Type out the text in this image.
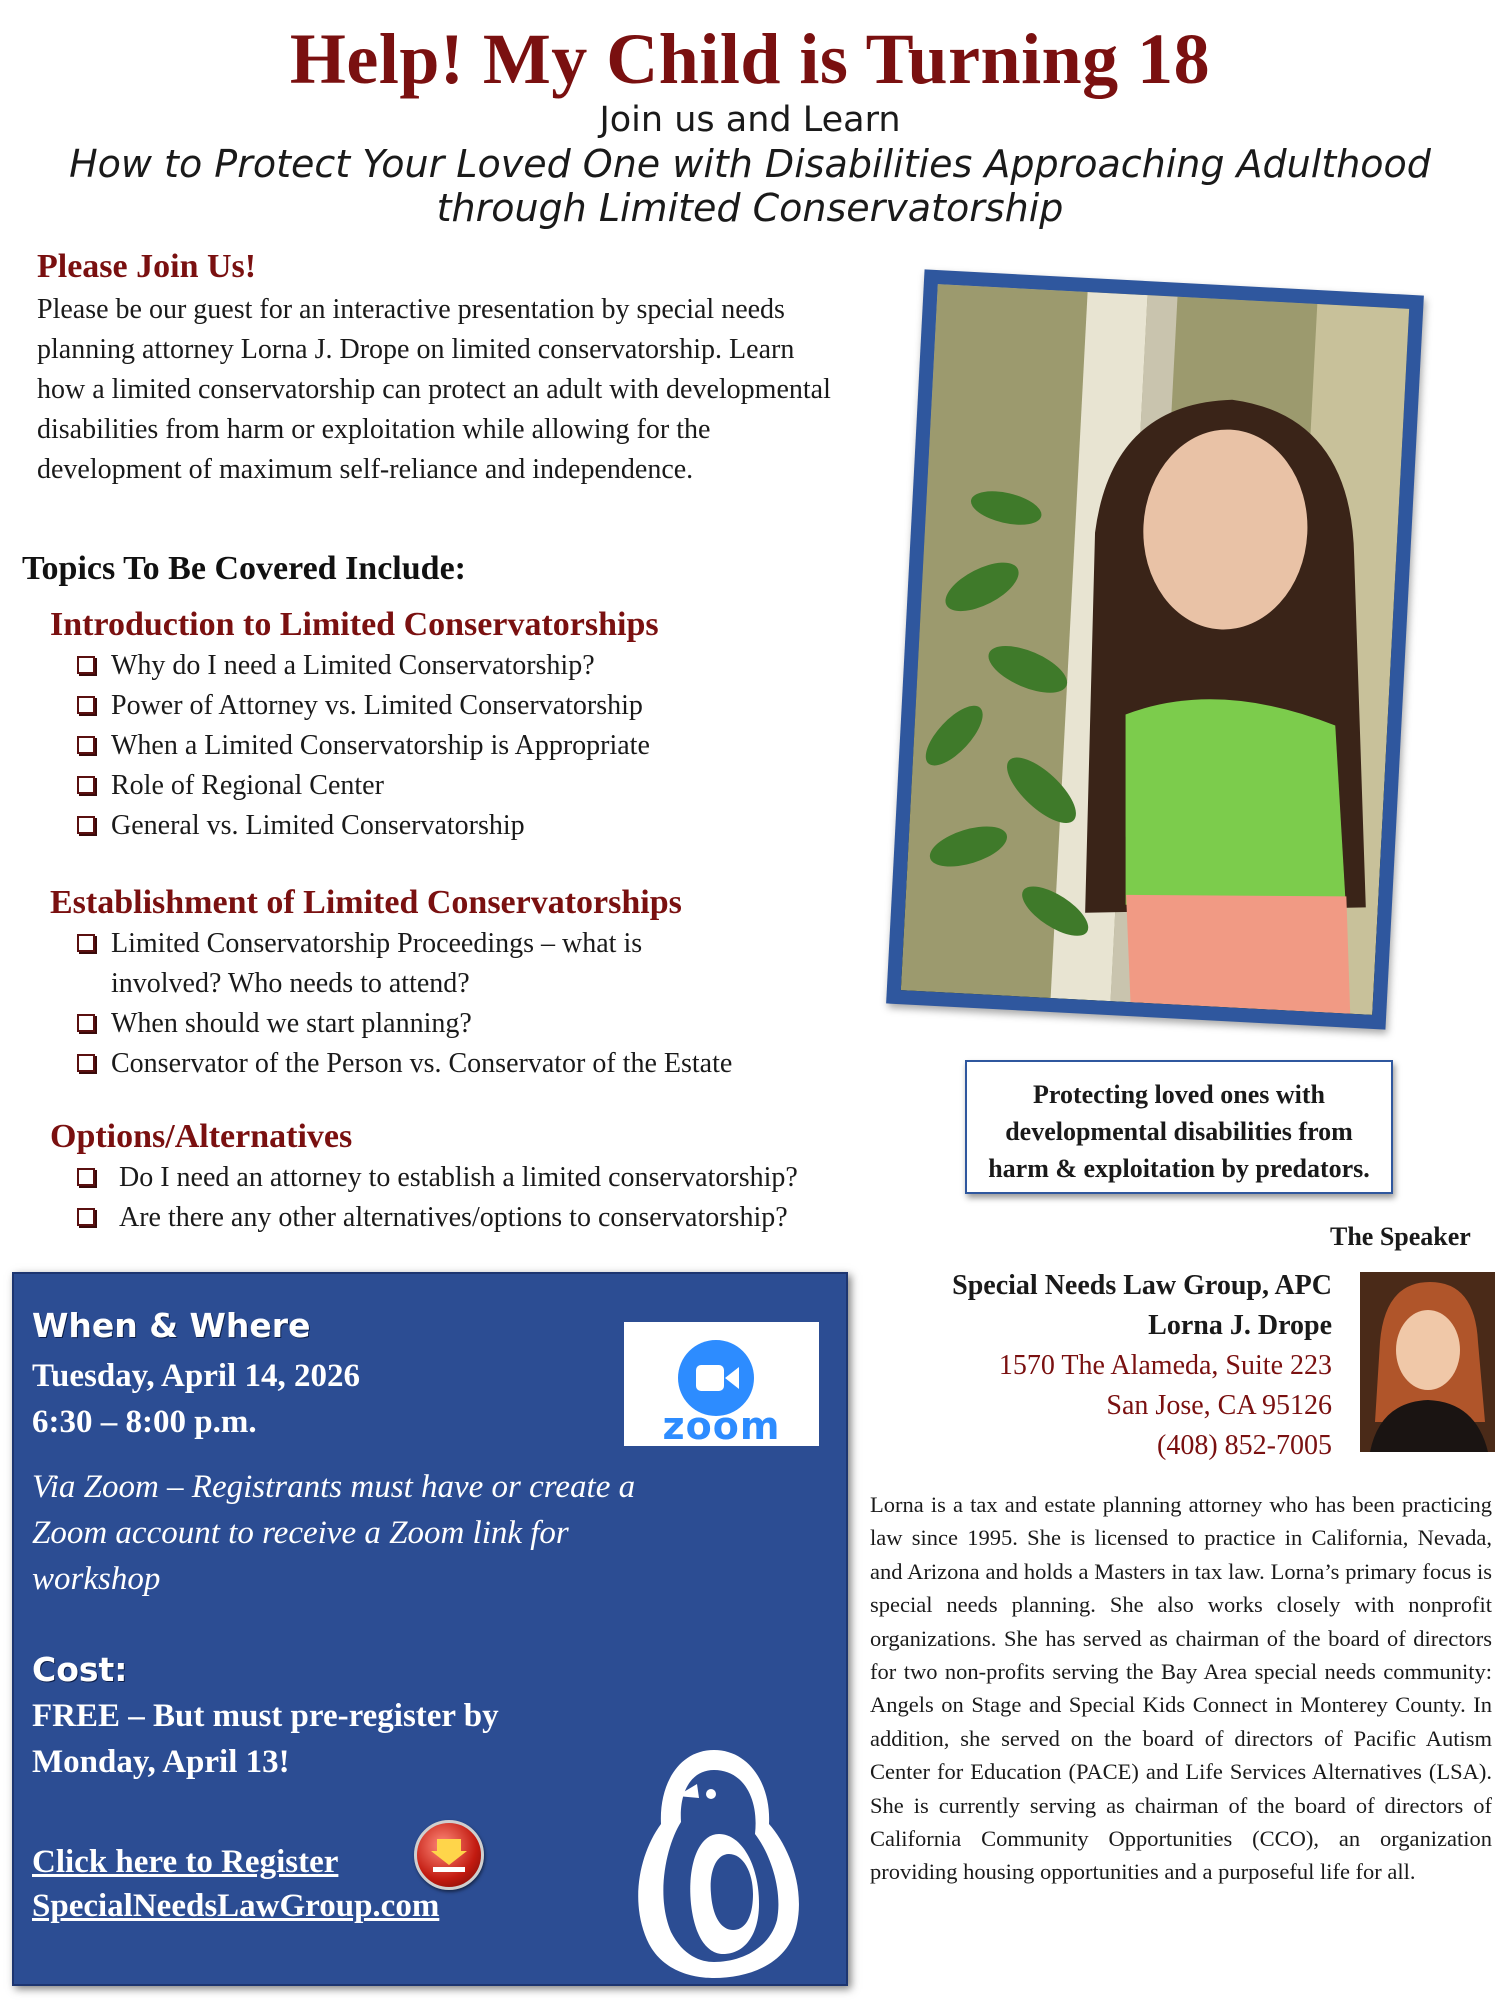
Help! My Child is Turning 18
Join us and Learn
How to Protect Your Loved One with Disabilities Approaching Adulthood
through Limited Conservatorship
Please Join Us!
Please be our guest for an interactive presentation by special needs planning attorney Lorna J. Drope on limited conservatorship. Learn how a limited conservatorship can protect an adult with developmental disabilities from harm or exploitation while allowing for the development of maximum self-reliance and independence.
Topics To Be Covered Include:
Introduction to Limited Conservatorships
Why do I need a Limited Conservatorship?
Power of Attorney vs. Limited Conservatorship
When a Limited Conservatorship is Appropriate
Role of Regional Center
General vs. Limited Conservatorship
Establishment of Limited Conservatorships
Limited Conservatorship Proceedings – what is involved? Who needs to attend?
When should we start planning?
Conservator of the Person vs. Conservator of the Estate
Options/Alternatives
Do I need an attorney to establish a limited conservatorship?
Are there any other alternatives/options to conservatorship?
Protecting loved ones with
developmental disabilities from
harm & exploitation by predators.
The Speaker
When & Where
Tuesday, April 14, 2026
6:30 – 8:00 p.m.	zoom
Via Zoom – Registrants must have or create a
Zoom account to receive a Zoom link for
workshop
Cost:
FREE – But must pre-register by
Monday, April 13!
Click here to Register
SpecialNeedsLawGroup.com
Special Needs Law Group, APC
Lorna J. Drope
1570 The Alameda, Suite 223
San Jose, CA 95126
(408) 852-7005
Lorna is a tax and estate planning attorney who has been practicing law since 1995. She is licensed to practice in California, Nevada, and Arizona and holds a Masters in tax law. Lorna’s primary focus is special needs planning. She also works closely with nonprofit organizations. She has served as chairman of the board of directors for two non-profits serving the Bay Area special needs community: Angels on Stage and Special Kids Connect in Monterey County. In addition, she served on the board of directors of Pacific Autism Center for Education (PACE) and Life Services Alternatives (LSA). She is currently serving as chairman of the board of directors of California Community Opportunities (CCO), an organization providing housing opportunities and a purposeful life for all.
